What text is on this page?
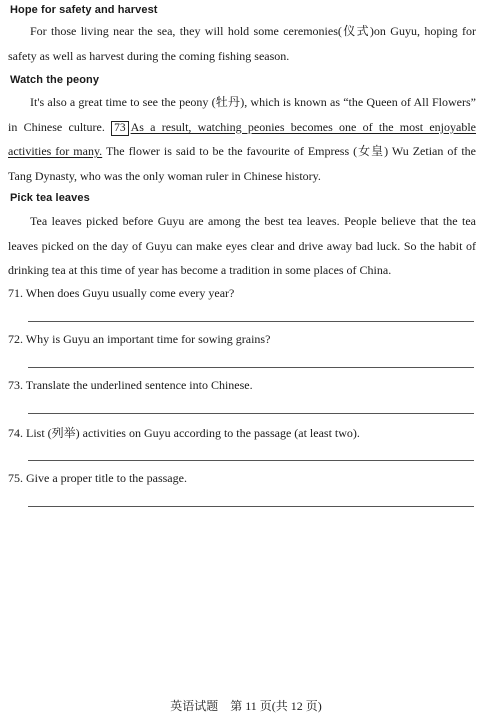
Hope for safety and harvest
For those living near the sea, they will hold some ceremonies(仪式)on Guyu, hoping for safety as well as harvest during the coming fishing season.
Watch the peony
It's also a great time to see the peony (牡丹), which is known as “the Queen of All Flowers” in Chinese culture. 73 As a result, watching peonies becomes one of the most enjoyable activities for many. The flower is said to be the favourite of Empress (女皇) Wu Zetian of the Tang Dynasty, who was the only woman ruler in Chinese history.
Pick tea leaves
Tea leaves picked before Guyu are among the best tea leaves. People believe that the tea leaves picked on the day of Guyu can make eyes clear and drive away bad luck. So the habit of drinking tea at this time of year has become a tradition in some places of China.
71. When does Guyu usually come every year?
72. Why is Guyu an important time for sowing grains?
73. Translate the underlined sentence into Chinese.
74. List (列举) activities on Guyu according to the passage (at least two).
75. Give a proper title to the passage.
英语试题　第 11 页(共 12 页)
